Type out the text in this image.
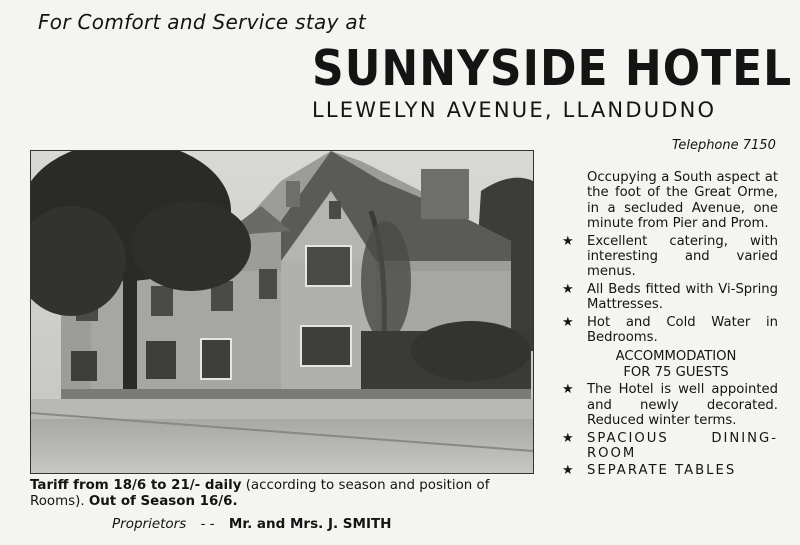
For Comfort and Service stay at
SUNNYSIDE HOTEL
LLEWELYN AVENUE, LLANDUDNO
Telephone 7150
Tariff from 18/6 to 21/- daily (according to season and position of Rooms). Out of Season 16/6.
Proprietors - - Mr. and Mrs. J. SMITH
Occupying a South aspect at the foot of the Great Orme, in a secluded Avenue, one minute from Pier and Prom.
★ Excellent catering, with interesting and varied menus.
★ All Beds fitted with Vi-Spring Mattresses.
★ Hot and Cold Water in Bedrooms.
ACCOMMODATION
FOR 75 GUESTS
★ The Hotel is well appointed and newly decorated. Reduced winter terms.
★ SPACIOUS DINING-ROOM
★ SEPARATE TABLES
